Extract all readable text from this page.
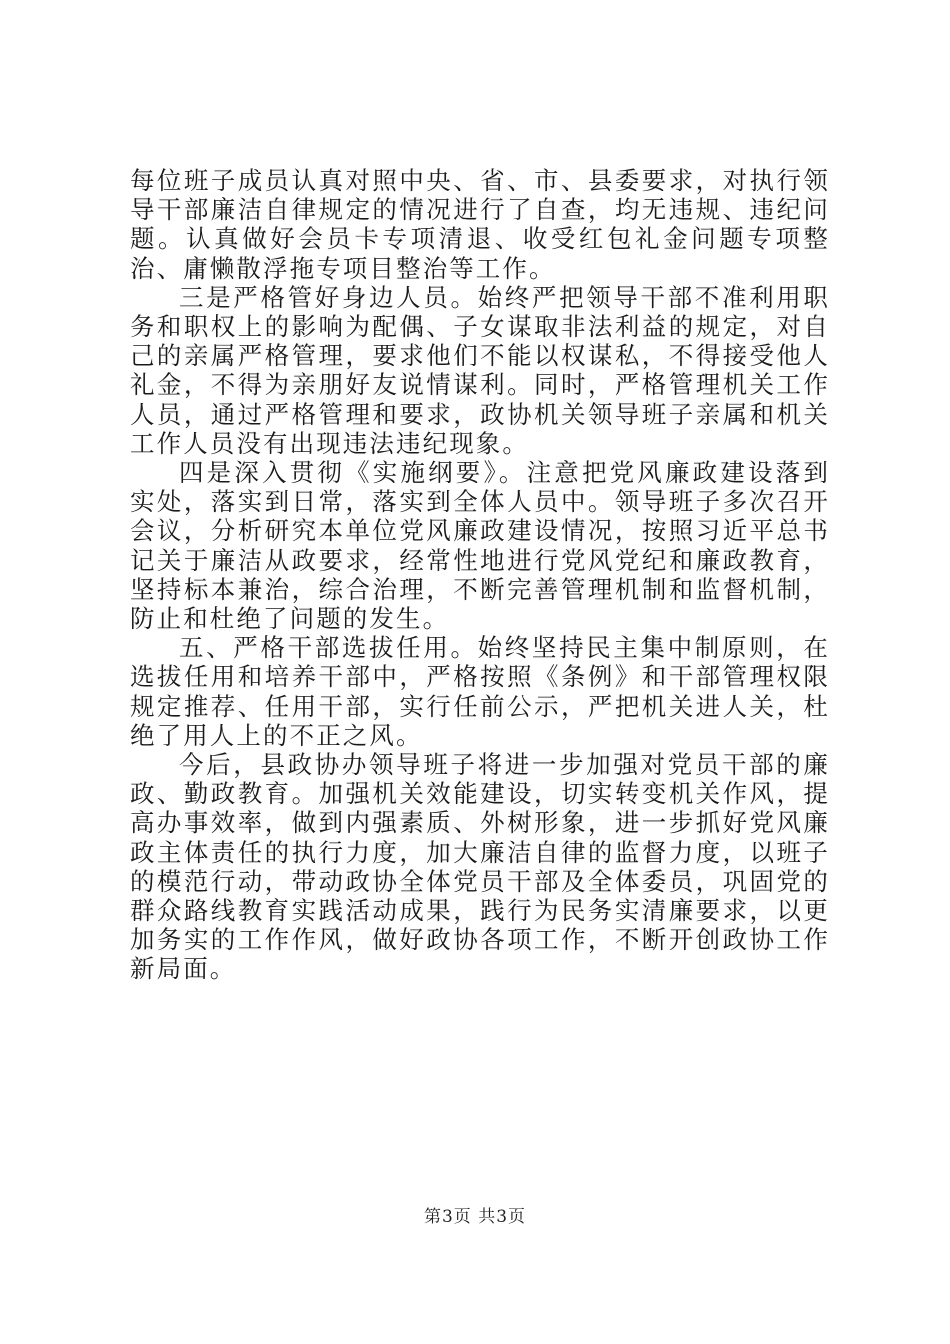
每位班子成员认真对照中央、省、市、县委要求，对执行领导干部廉洁自律规定的情况进行了自查，均无违规、违纪问题。认真做好会员卡专项清退、收受红包礼金问题专项整治、庸懒散浮拖专项目整治等工作。

三是严格管好身边人员。始终严把领导干部不准利用职务和职权上的影响为配偶、子女谋取非法利益的规定，对自己的亲属严格管理，要求他们不能以权谋私，不得接受他人礼金，不得为亲朋好友说情谋利。同时，严格管理机关工作人员，通过严格管理和要求，政协机关领导班子亲属和机关工作人员没有出现违法违纪现象。

四是深入贯彻《实施纲要》。注意把党风廉政建设落到实处，落实到日常，落实到全体人员中。领导班子多次召开会议，分析研究本单位党风廉政建设情况，按照习近平总书记关于廉洁从政要求，经常性地进行党风党纪和廉政教育，坚持标本兼治，综合治理，不断完善管理机制和监督机制，防止和杜绝了问题的发生。

五、严格干部选拔任用。始终坚持民主集中制原则，在选拔任用和培养干部中，严格按照《条例》和干部管理权限规定推荐、任用干部，实行任前公示，严把机关进人关，杜绝了用人上的不正之风。

今后，县政协办领导班子将进一步加强对党员干部的廉政、勤政教育。加强机关效能建设，切实转变机关作风，提高办事效率，做到内强素质、外树形象，进一步抓好党风廉政主体责任的执行力度，加大廉洁自律的监督力度，以班子的模范行动，带动政协全体党员干部及全体委员，巩固党的群众路线教育实践活动成果，践行为民务实清廉要求，以更加务实的工作作风，做好政协各项工作，不断开创政协工作新局面。

第3页 共3页
